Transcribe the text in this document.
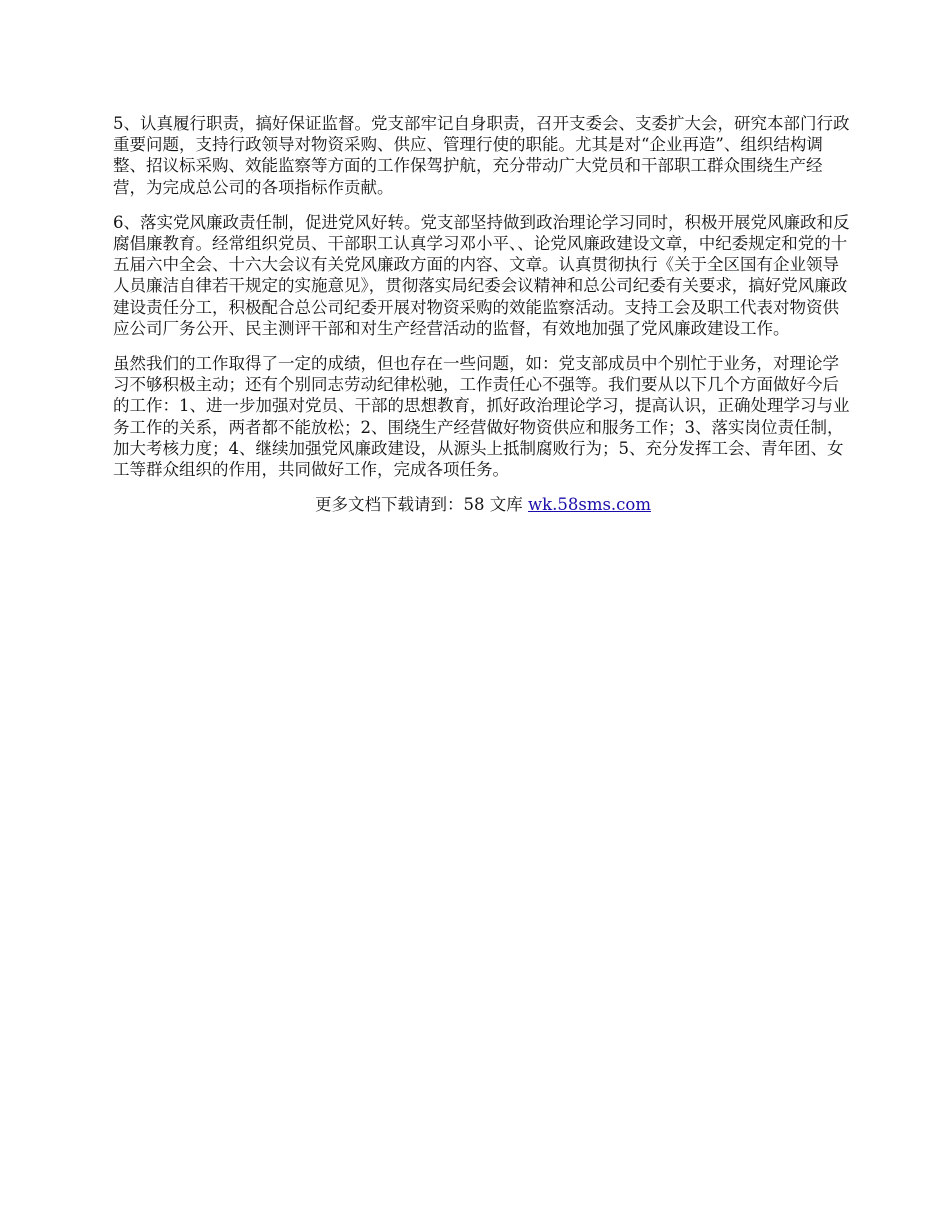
5、认真履行职责，搞好保证监督。党支部牢记自身职责，召开支委会、支委扩大会，研究本部门行政重要问题，支持行政领导对物资采购、供应、管理行使的职能。尤其是对“企业再造”、组织结构调整、招议标采购、效能监察等方面的工作保驾护航，充分带动广大党员和干部职工群众围绕生产经营，为完成总公司的各项指标作贡献。

6、落实党风廉政责任制，促进党风好转。党支部坚持做到政治理论学习同时，积极开展党风廉政和反腐倡廉教育。经常组织党员、干部职工认真学习邓小平、、论党风廉政建设文章，中纪委规定和党的十五届六中全会、十六大会议有关党风廉政方面的内容、文章。认真贯彻执行《关于全区国有企业领导人员廉洁自律若干规定的实施意见》，贯彻落实局纪委会议精神和总公司纪委有关要求，搞好党风廉政建设责任分工，积极配合总公司纪委开展对物资采购的效能监察活动。支持工会及职工代表对物资供应公司厂务公开、民主测评干部和对生产经营活动的监督，有效地加强了党风廉政建设工作。

虽然我们的工作取得了一定的成绩，但也存在一些问题，如：党支部成员中个别忙于业务，对理论学习不够积极主动；还有个别同志劳动纪律松驰，工作责任心不强等。我们要从以下几个方面做好今后的工作：1、进一步加强对党员、干部的思想教育，抓好政治理论学习，提高认识，正确处理学习与业务工作的关系，两者都不能放松；2、围绕生产经营做好物资供应和服务工作；3、落实岗位责任制，加大考核力度；4、继续加强党风廉政建设，从源头上抵制腐败行为；5、充分发挥工会、青年团、女工等群众组织的作用，共同做好工作，完成各项任务。

更多文档下载请到：58 文库 wk.58sms.com
